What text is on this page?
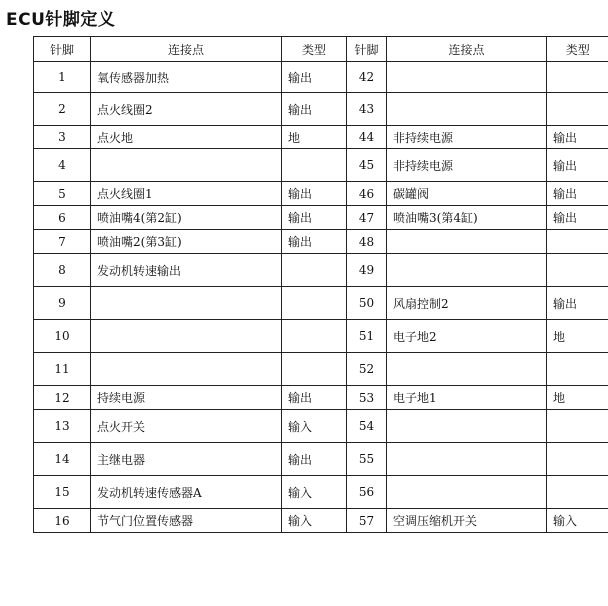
ECU针脚定义
针脚	连接点	类型	针脚	连接点	类型
1	氧传感器加热	输出	42		
2	点火线圈2	输出	43		
3	点火地	地	44	非持续电源	输出
4			45	非持续电源	输出
5	点火线圈1	输出	46	碳罐阀	输出
6	喷油嘴4(第2缸)	输出	47	喷油嘴3(第4缸)	输出
7	喷油嘴2(第3缸)	输出	48		
8	发动机转速输出		49		
9			50	风扇控制2	输出
10			51	电子地2	地
11			52		
12	持续电源	输出	53	电子地1	地
13	点火开关	输入	54		
14	主继电器	输出	55		
15	发动机转速传感器A	输入	56		
16	节气门位置传感器	输入	57	空调压缩机开关	输入
